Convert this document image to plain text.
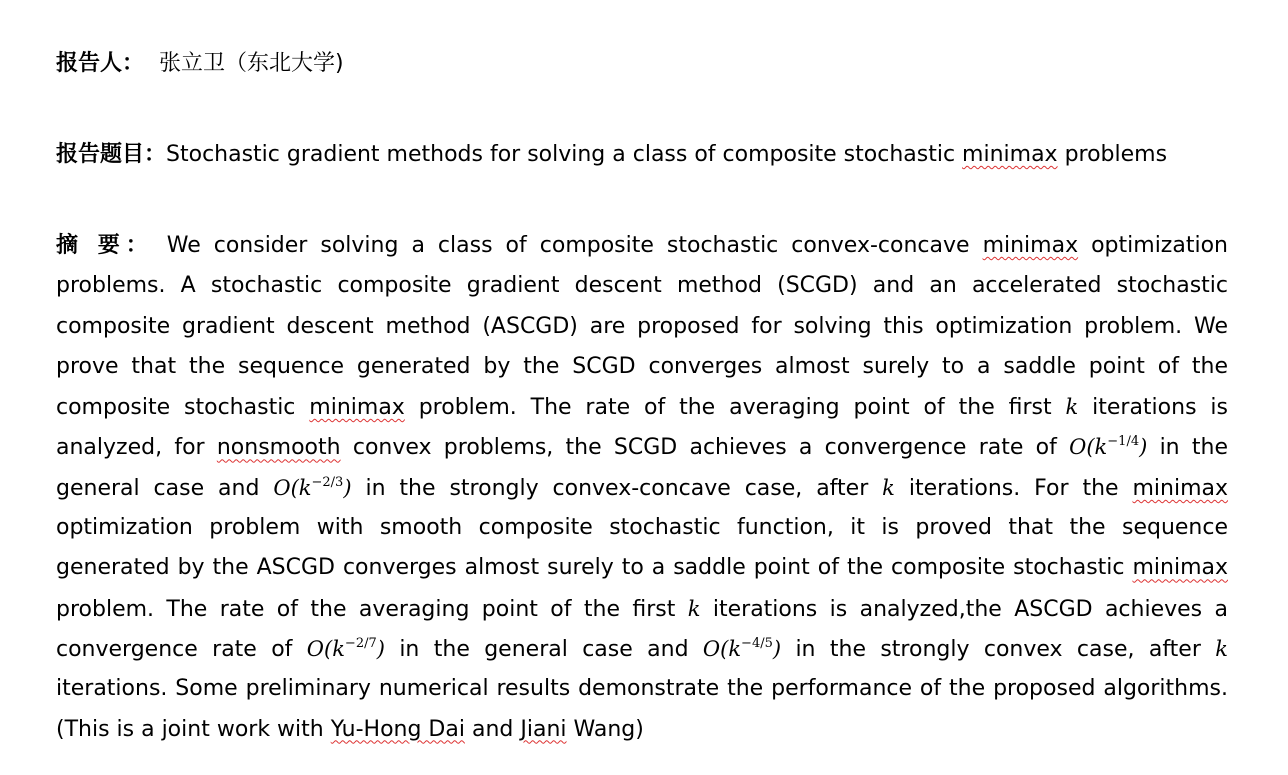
报告人： 张立卫（东北大学)
报告题目：Stochastic gradient methods for solving a class of composite stochastic minimax problems
摘 要： We consider solving a class of composite stochastic convex-concave minimax optimization
problems. A stochastic composite gradient descent method (SCGD) and an accelerated stochastic
composite gradient descent method (ASCGD) are proposed for solving this optimization problem. We
prove that the sequence generated by the SCGD converges almost surely to a saddle point of the
composite stochastic minimax problem. The rate of the averaging point of the first k iterations is
analyzed, for nonsmooth convex problems, the SCGD achieves a convergence rate of $O(k^{-1/4})$ in the
general case and $O(k^{-2/3})$ in the strongly convex-concave case, after k iterations. For the minimax
optimization problem with smooth composite stochastic function, it is proved that the sequence
generated by the ASCGD converges almost surely to a saddle point of the composite stochastic minimax
problem. The rate of the averaging point of the first k iterations is analyzed,the ASCGD achieves a
convergence rate of $O(k^{-2/7})$ in the general case and $O(k^{-4/5})$ in the strongly convex case, after k
iterations. Some preliminary numerical results demonstrate the performance of the proposed algorithms.
(This is a joint work with Yu-Hong Dai and Jiani Wang)
